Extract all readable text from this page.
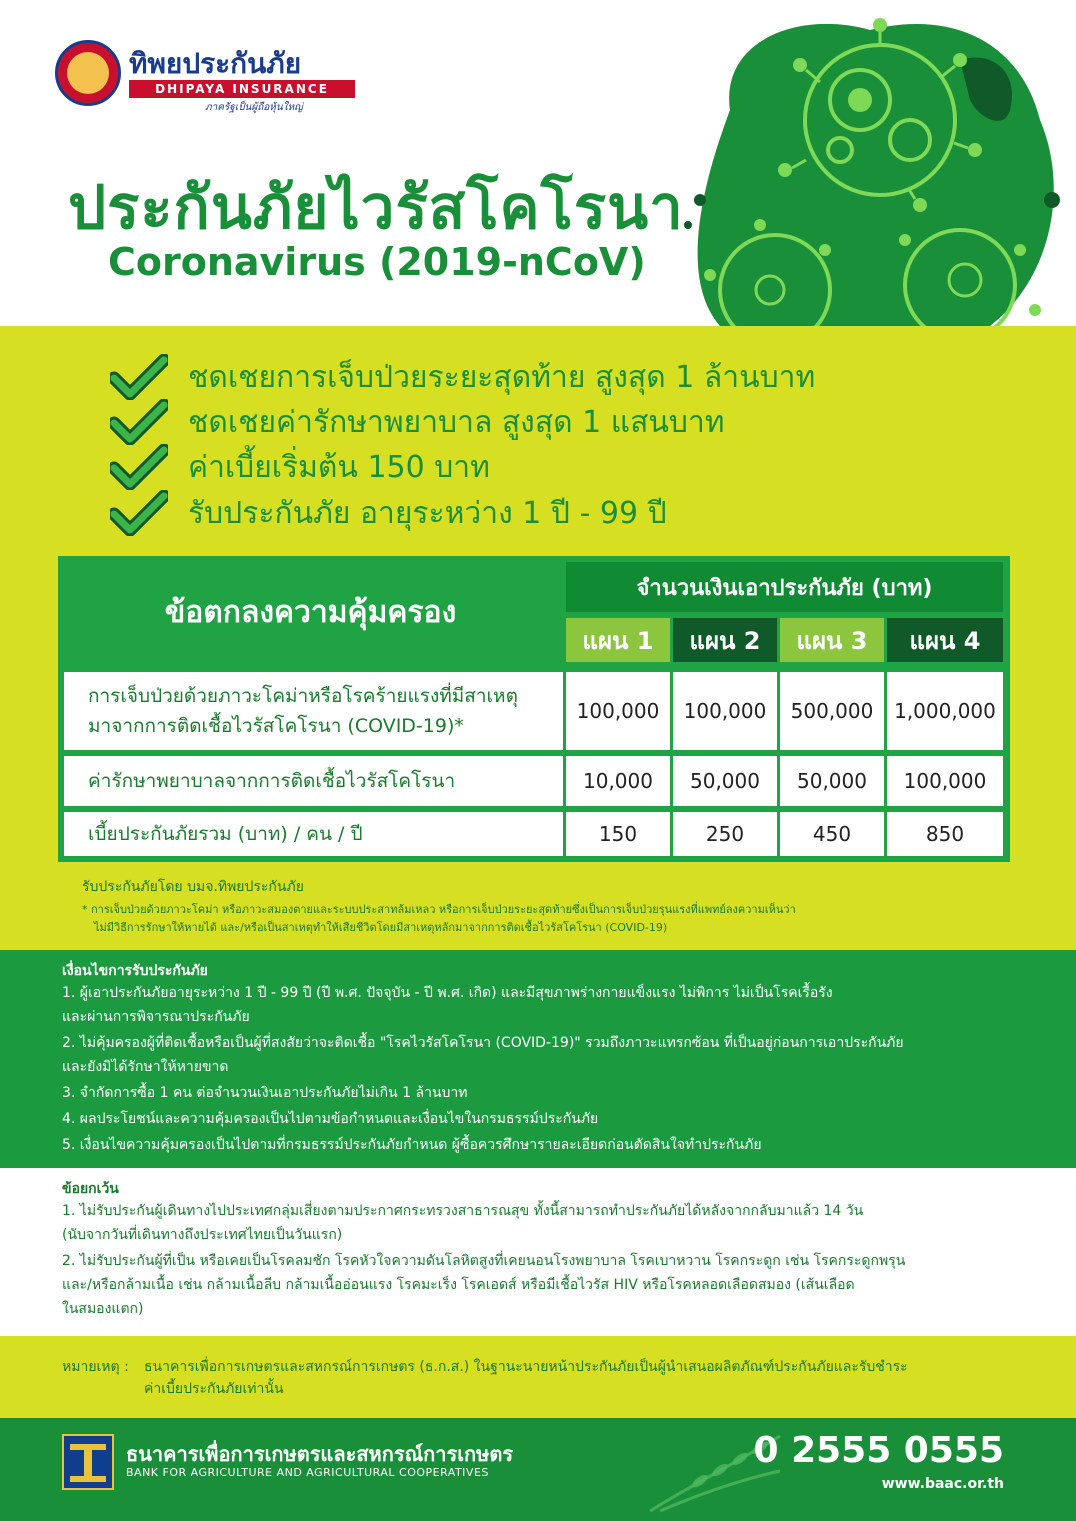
ทิพยประกันภัย
DHIPAYA INSURANCE
ภาครัฐเป็นผู้ถือหุ้นใหญ่
ประกันภัยไวรัสโคโรนา
Coronavirus (2019-nCoV)
ชดเชยการเจ็บป่วยระยะสุดท้าย สูงสุด 1 ล้านบาท
ชดเชยค่ารักษาพยาบาล สูงสุด 1 แสนบาท
ค่าเบี้ยเริ่มต้น 150 บาท
รับประกันภัย อายุระหว่าง 1 ปี - 99 ปี
ข้อตกลงความคุ้มครอง
จำนวนเงินเอาประกันภัย (บาท)
แผน 1	แผน 2	แผน 3	แผน 4
การเจ็บป่วยด้วยภาวะโคม่าหรือโรคร้ายแรงที่มีสาเหตุ
มาจากการติดเชื้อไวรัสโคโรนา (COVID-19)*
100,000	100,000	500,000	1,000,000
ค่ารักษาพยาบาลจากการติดเชื้อไวรัสโคโรนา	10,000	50,000	50,000	100,000
เบี้ยประกันภัยรวม (บาท) / คน / ปี	150	250	450	850
รับประกันภัยโดย บมจ.ทิพยประกันภัย
* การเจ็บป่วยด้วยภาวะโคม่า หรือภาวะสมองตายและระบบประสาทล้มเหลว หรือการเจ็บป่วยระยะสุดท้ายซึ่งเป็นการเจ็บป่วยรุนแรงที่แพทย์ลงความเห็นว่า
ไม่มีวิธีการรักษาให้หายได้ และ/หรือเป็นสาเหตุทำให้เสียชีวิตโดยมีสาเหตุหลักมาจากการติดเชื้อไวรัสโคโรนา (COVID-19)
เงื่อนไขการรับประกันภัย
1. ผู้เอาประกันภัยอายุระหว่าง 1 ปี - 99 ปี (ปี พ.ศ. ปัจจุบัน - ปี พ.ศ. เกิด) และมีสุขภาพร่างกายแข็งแรง ไม่พิการ ไม่เป็นโรคเรื้อรัง
และผ่านการพิจารณาประกันภัย
2. ไม่คุ้มครองผู้ที่ติดเชื้อหรือเป็นผู้ที่สงสัยว่าจะติดเชื้อ "โรคไวรัสโคโรนา (COVID-19)" รวมถึงภาวะแทรกซ้อน ที่เป็นอยู่ก่อนการเอาประกันภัย
และยังมิได้รักษาให้หายขาด
3. จำกัดการซื้อ 1 คน ต่อจำนวนเงินเอาประกันภัยไม่เกิน 1 ล้านบาท
4. ผลประโยชน์และความคุ้มครองเป็นไปตามข้อกำหนดและเงื่อนไขในกรมธรรม์ประกันภัย
5. เงื่อนไขความคุ้มครองเป็นไปตามที่กรมธรรม์ประกันภัยกำหนด ผู้ซื้อควรศึกษารายละเอียดก่อนตัดสินใจทำประกันภัย
ข้อยกเว้น
1. ไม่รับประกันผู้เดินทางไปประเทศกลุ่มเสี่ยงตามประกาศกระทรวงสาธารณสุข ทั้งนี้สามารถทำประกันภัยได้หลังจากกลับมาแล้ว 14 วัน
(นับจากวันที่เดินทางถึงประเทศไทยเป็นวันแรก)
2. ไม่รับประกันผู้ที่เป็น หรือเคยเป็นโรคลมชัก โรคหัวใจความดันโลหิตสูงที่เคยนอนโรงพยาบาล โรคเบาหวาน โรคกระดูก เช่น โรคกระดูกพรุน
และ/หรือกล้ามเนื้อ เช่น กล้ามเนื้อลีบ กล้ามเนื้ออ่อนแรง โรคมะเร็ง โรคเอดส์ หรือมีเชื้อไวรัส HIV หรือโรคหลอดเลือดสมอง (เส้นเลือด
ในสมองแตก)
หมายเหตุ : ธนาคารเพื่อการเกษตรและสหกรณ์การเกษตร (ธ.ก.ส.) ในฐานะนายหน้าประกันภัยเป็นผู้นำเสนอผลิตภัณฑ์ประกันภัยและรับชำระ
ค่าเบี้ยประกันภัยเท่านั้น
ธนาคารเพื่อการเกษตรและสหกรณ์การเกษตร
BANK FOR AGRICULTURE AND AGRICULTURAL COOPERATIVES
0 2555 0555
www.baac.or.th
